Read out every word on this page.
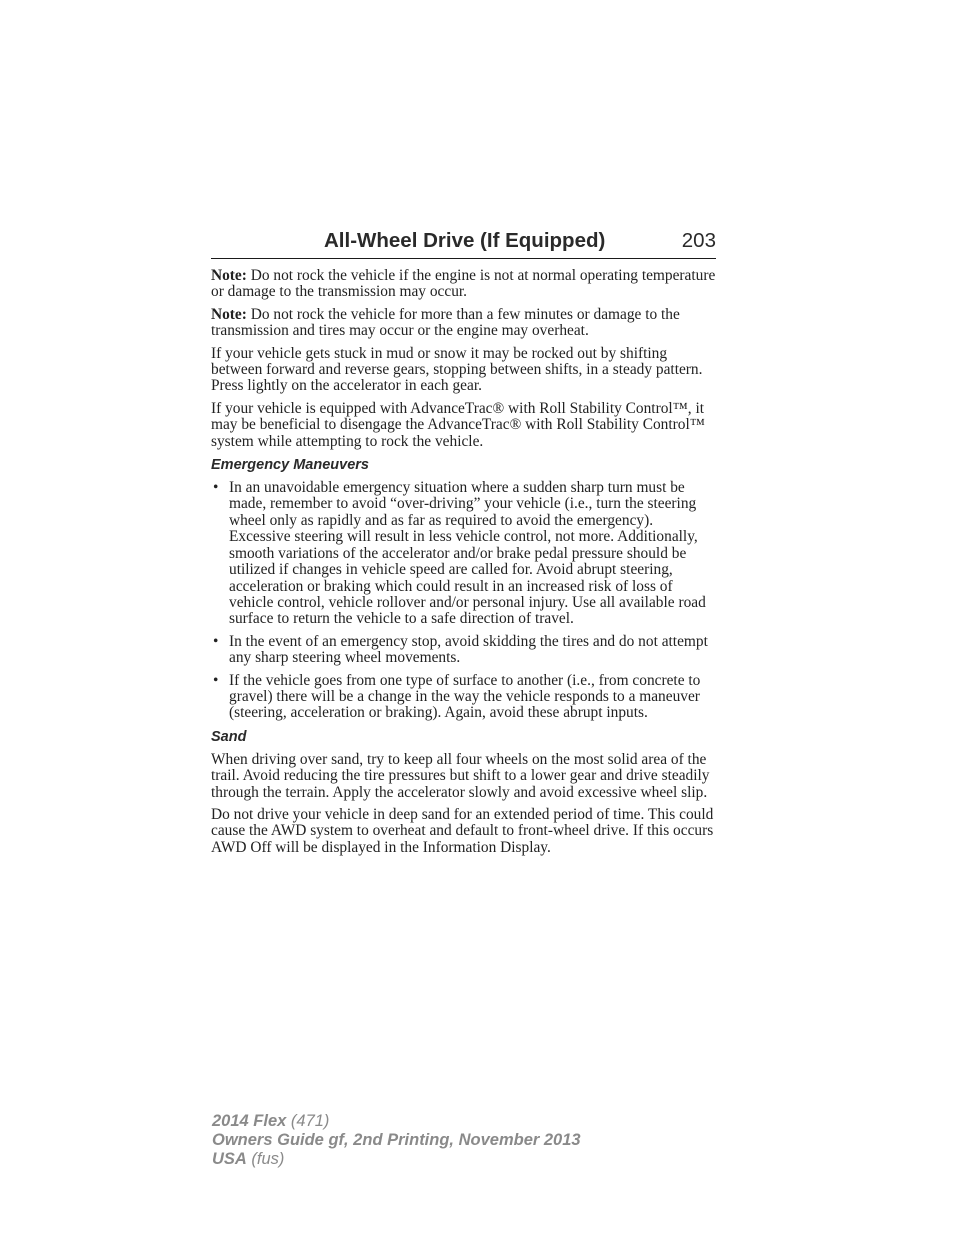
All-Wheel Drive (If Equipped)	203

Note: Do not rock the vehicle if the engine is not at normal operating temperature or damage to the transmission may occur.

Note: Do not rock the vehicle for more than a few minutes or damage to the transmission and tires may occur or the engine may overheat.

If your vehicle gets stuck in mud or snow it may be rocked out by shifting between forward and reverse gears, stopping between shifts, in a steady pattern. Press lightly on the accelerator in each gear.

If your vehicle is equipped with AdvanceTrac® with Roll Stability Control™, it may be beneficial to disengage the AdvanceTrac® with Roll Stability Control™ system while attempting to rock the vehicle.

Emergency Maneuvers
• In an unavoidable emergency situation where a sudden sharp turn must be made, remember to avoid “over-driving” your vehicle (i.e., turn the steering wheel only as rapidly and as far as required to avoid the emergency). Excessive steering will result in less vehicle control, not more. Additionally, smooth variations of the accelerator and/or brake pedal pressure should be utilized if changes in vehicle speed are called for. Avoid abrupt steering, acceleration or braking which could result in an increased risk of loss of vehicle control, vehicle rollover and/or personal injury. Use all available road surface to return the vehicle to a safe direction of travel.
• In the event of an emergency stop, avoid skidding the tires and do not attempt any sharp steering wheel movements.
• If the vehicle goes from one type of surface to another (i.e., from concrete to gravel) there will be a change in the way the vehicle responds to a maneuver (steering, acceleration or braking). Again, avoid these abrupt inputs.
Sand

When driving over sand, try to keep all four wheels on the most solid area of the trail. Avoid reducing the tire pressures but shift to a lower gear and drive steadily through the terrain. Apply the accelerator slowly and avoid excessive wheel slip.

Do not drive your vehicle in deep sand for an extended period of time. This could cause the AWD system to overheat and default to front-wheel drive. If this occurs AWD Off will be displayed in the Information Display.

2014 Flex (471)
Owners Guide gf, 2nd Printing, November 2013
USA (fus)
